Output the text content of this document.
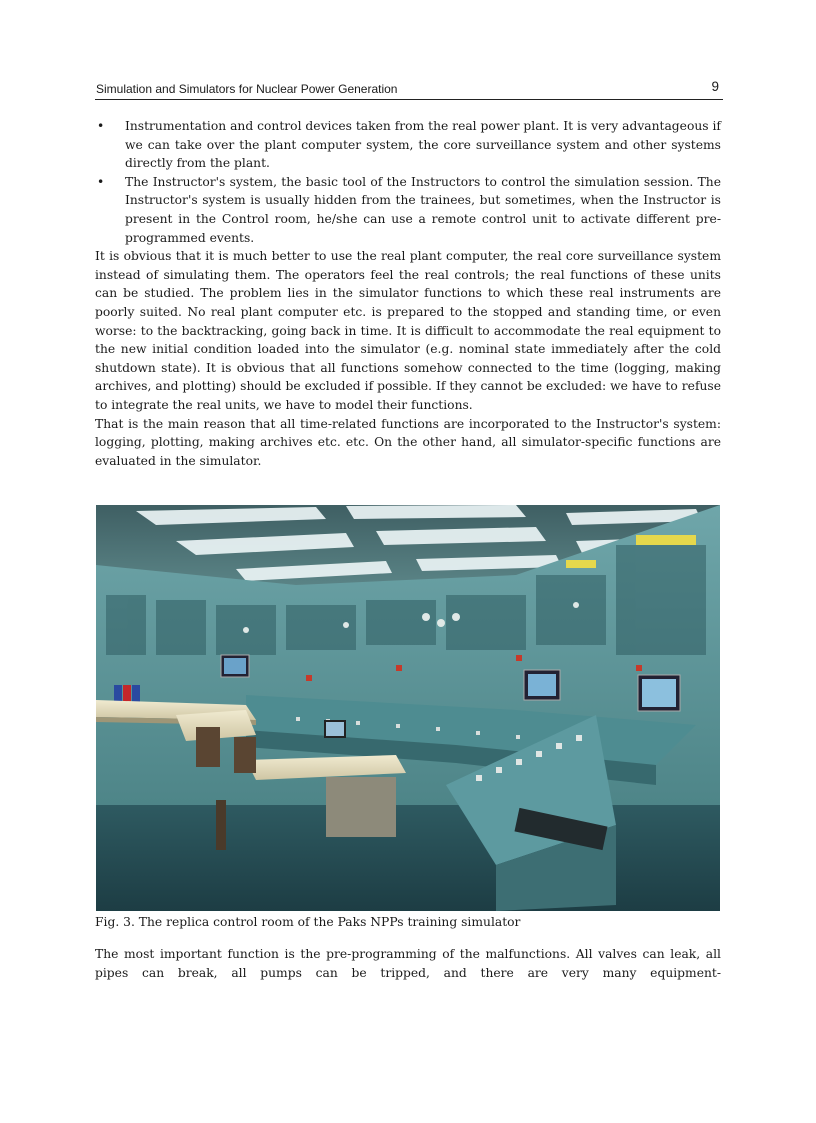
Simulation and Simulators for Nuclear Power Generation	9
• Instrumentation and control devices taken from the real power plant. It is very advantageous if we can take over the plant computer system, the core surveillance system and other systems directly from the plant.
• The Instructor's system, the basic tool of the Instructors to control the simulation session. The Instructor's system is usually hidden from the trainees, but sometimes, when the Instructor is present in the Control room, he/she can use a remote control unit to activate different pre-programmed events.

It is obvious that it is much better to use the real plant computer, the real core surveillance system instead of simulating them. The operators feel the real controls; the real functions of these units can be studied. The problem lies in the simulator functions to which these real instruments are poorly suited. No real plant computer etc. is prepared to the stopped and standing time, or even worse: to the backtracking, going back in time. It is difficult to accommodate the real equipment to the new initial condition loaded into the simulator (e.g. nominal state immediately after the cold shutdown state). It is obvious that all functions somehow connected to the time (logging, making archives, and plotting) should be excluded if possible. If they cannot be excluded: we have to refuse to integrate the real units, we have to model their functions.

That is the main reason that all time-related functions are incorporated to the Instructor's system: logging, plotting, making archives etc. etc. On the other hand, all simulator-specific functions are evaluated in the simulator.

Fig. 3. The replica control room of the Paks NPPs training simulator
The most important function is the pre-programming of the malfunctions. All valves can leak, all pipes can break, all pumps can be tripped, and there are very many equipment-
